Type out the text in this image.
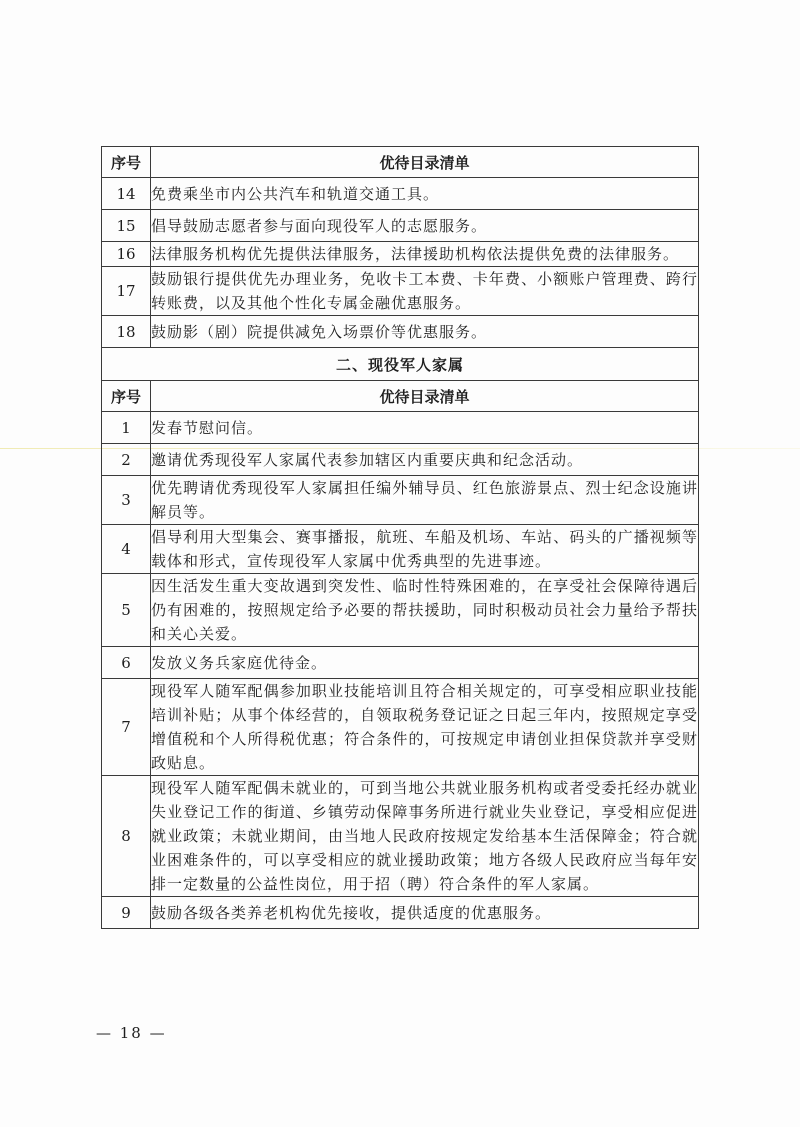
序号	优待目录清单
14	免费乘坐市内公共汽车和轨道交通工具。
15	倡导鼓励志愿者参与面向现役军人的志愿服务。
16	法律服务机构优先提供法律服务，法律援助机构依法提供免费的法律服务。
17	鼓励银行提供优先办理业务，免收卡工本费、卡年费、小额账户管理费、跨行转账费，以及其他个性化专属金融优惠服务。
18	鼓励影（剧）院提供减免入场票价等优惠服务。
二、现役军人家属	
序号	优待目录清单
1	发春节慰问信。
2	邀请优秀现役军人家属代表参加辖区内重要庆典和纪念活动。
3	优先聘请优秀现役军人家属担任编外辅导员、红色旅游景点、烈士纪念设施讲解员等。
4	倡导利用大型集会、赛事播报，航班、车船及机场、车站、码头的广播视频等载体和形式，宣传现役军人家属中优秀典型的先进事迹。
5	因生活发生重大变故遇到突发性、临时性特殊困难的，在享受社会保障待遇后仍有困难的，按照规定给予必要的帮扶援助，同时积极动员社会力量给予帮扶和关心关爱。
6	发放义务兵家庭优待金。
7	现役军人随军配偶参加职业技能培训且符合相关规定的，可享受相应职业技能培训补贴；从事个体经营的，自领取税务登记证之日起三年内，按照规定享受增值税和个人所得税优惠；符合条件的，可按规定申请创业担保贷款并享受财政贴息。
8	现役军人随军配偶未就业的，可到当地公共就业服务机构或者受委托经办就业失业登记工作的街道、乡镇劳动保障事务所进行就业失业登记，享受相应促进就业政策；未就业期间，由当地人民政府按规定发给基本生活保障金；符合就业困难条件的，可以享受相应的就业援助政策；地方各级人民政府应当每年安排一定数量的公益性岗位，用于招（聘）符合条件的军人家属。
9	鼓励各级各类养老机构优先接收，提供适度的优惠服务。
— 18 —
